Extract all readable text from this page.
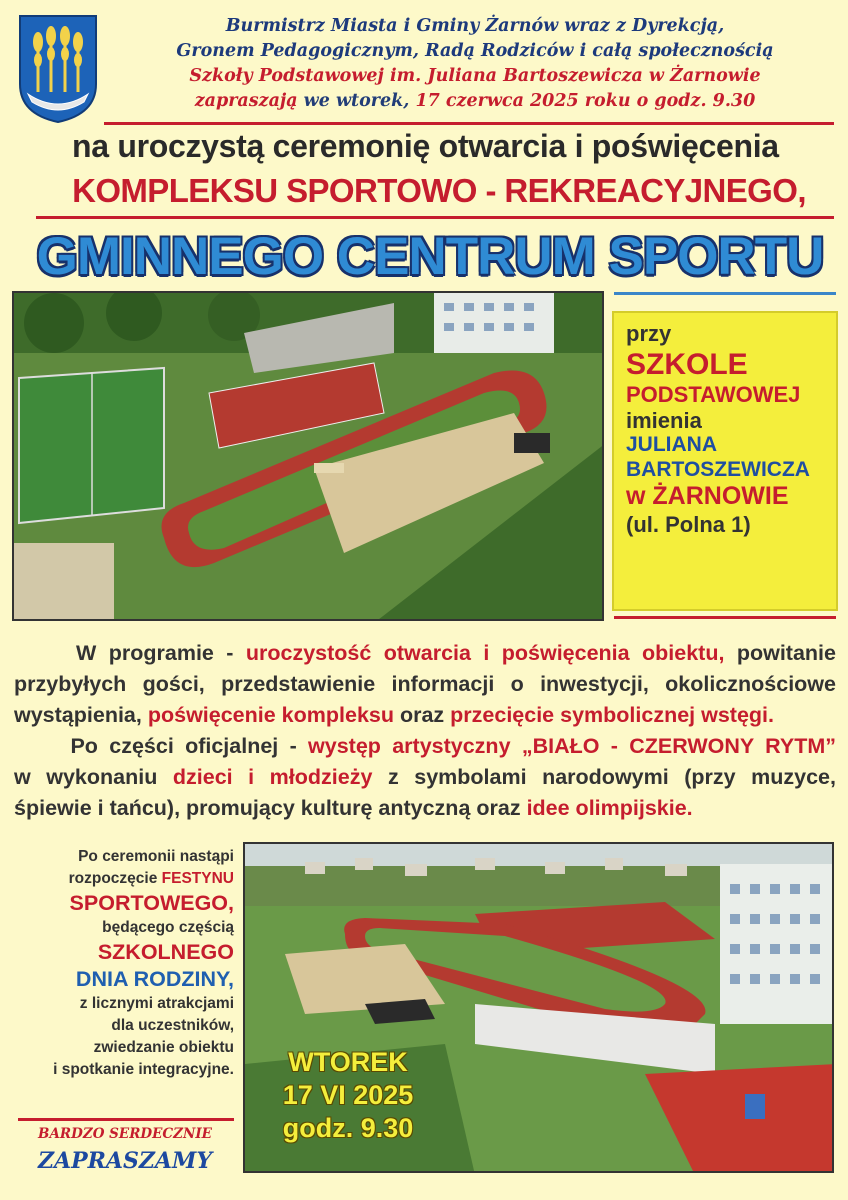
Burmistrz Miasta i Gminy Żarnów wraz z Dyrekcją,
Gronem Pedagogicznym, Radą Rodziców i całą społecznością
Szkoły Podstawowej im. Juliana Bartoszewicza w Żarnowie
zapraszają we wtorek, 17 czerwca 2025 roku o godz. 9.30
na uroczystą ceremonię otwarcia i poświęcenia
KOMPLEKSU SPORTOWO - REKREACYJNEGO,
GMINNEGO CENTRUM SPORTU
przy
SZKOLE
PODSTAWOWEJ
imienia
JULIANA
BARTOSZEWICZA
w ŻARNOWIE
(ul. Polna 1)
W programie - uroczystość otwarcia i poświęcenia obiektu, powitanie
przybyłych gości, przedstawienie informacji o inwestycji, okolicznościowe
wystąpienia, poświęcenie kompleksu oraz przecięcie symbolicznej wstęgi.
Po części oficjalnej - występ artystyczny „BIAŁO - CZERWONY RYTM”
w wykonaniu dzieci i młodzieży z symbolami narodowymi (przy muzyce,
śpiewie i tańcu), promujący kulturę antyczną oraz idee olimpijskie.
Po ceremonii nastąpi
rozpoczęcie FESTYNU
SPORTOWEGO,
będącego częścią
SZKOLNEGO
DNIA RODZINY,
z licznymi atrakcjami
dla uczestników,
zwiedzanie obiektu
i spotkanie integracyjne.
BARDZO SERDECZNIE
ZAPRASZAMY
WTOREK
17 VI 2025
godz. 9.30
